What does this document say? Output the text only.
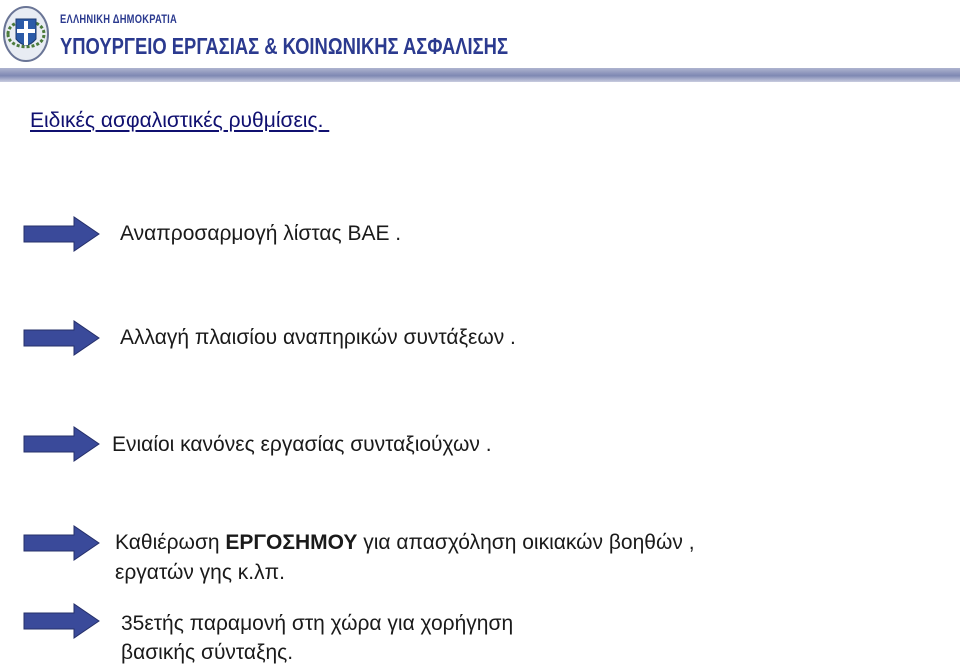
ΕΛΛΗΝΙΚΗ ΔΗΜΟΚΡΑΤΙΑ
ΥΠΟΥΡΓΕΙΟ ΕΡΓΑΣΙΑΣ & ΚΟΙΝΩΝΙΚΗΣ ΑΣΦΑΛΙΣΗΣ
Ειδικές ασφαλιστικές ρυθμίσεις.
Αναπροσαρμογή λίστας ΒΑΕ .
Αλλαγή πλαισίου αναπηρικών συντάξεων .
Ενιαίοι κανόνες εργασίας συνταξιούχων .
Καθιέρωση ΕΡΓΟΣΗΜΟΥ για απασχόληση οικιακών βοηθών ,
εργατών γης κ.λπ.
35ετής παραμονή στη χώρα για χορήγηση
βασικής σύνταξης.
